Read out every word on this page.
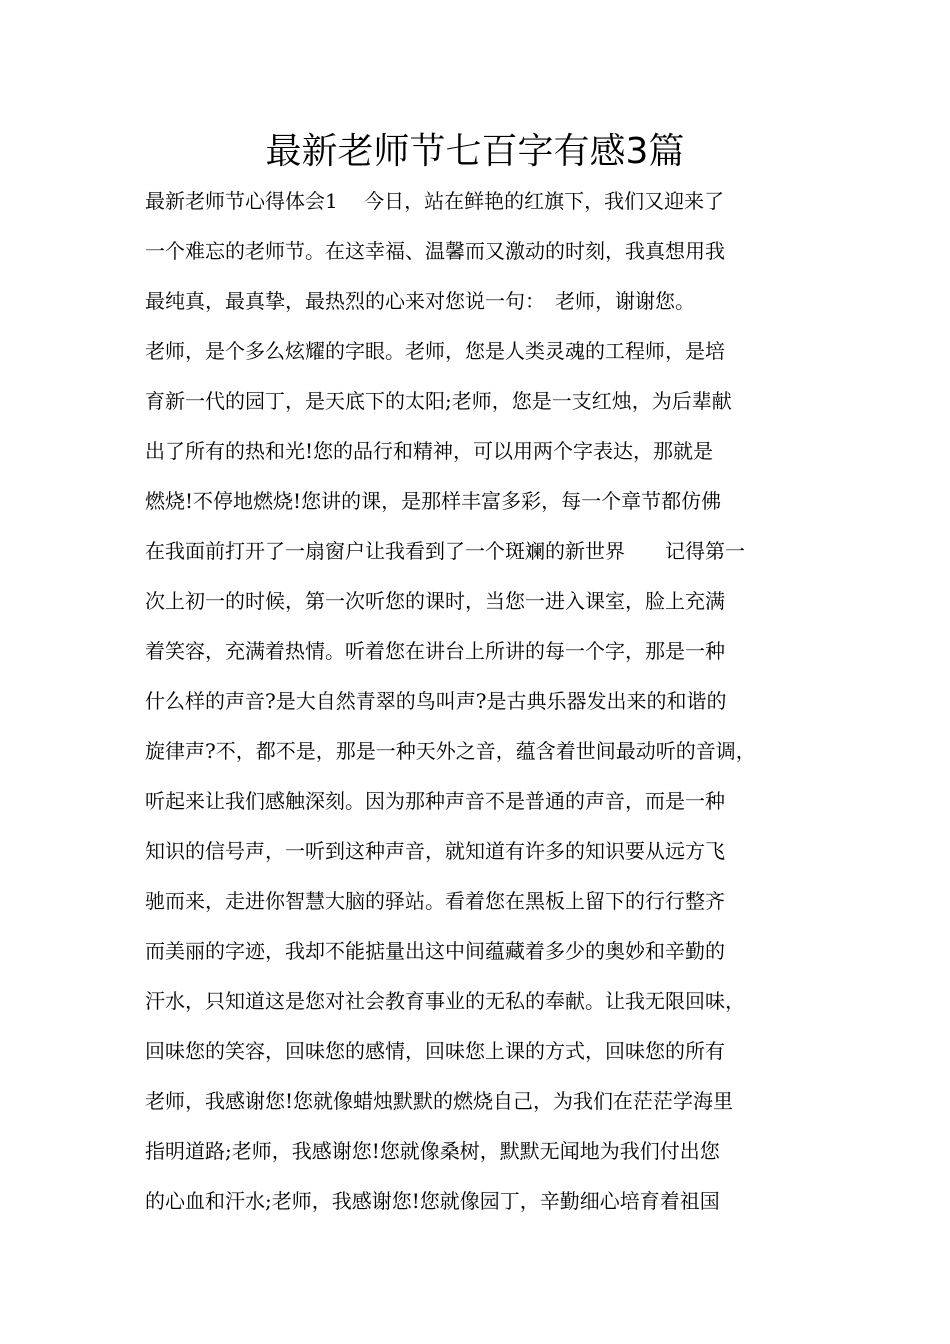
最新老师节七百字有感3篇
最新老师节心得体会1　 今日，站在鲜艳的红旗下，我们又迎来了
一个难忘的老师节。在这幸福、温馨而又激动的时刻，我真想用我
最纯真，最真挚，最热烈的心来对您说一句：　老师，谢谢您。
老师，是个多么炫耀的字眼。老师，您是人类灵魂的工程师，是培
育新一代的园丁，是天底下的太阳;老师，您是一支红烛，为后辈献
出了所有的热和光!您的品行和精神，可以用两个字表达，那就是
燃烧!不停地燃烧!您讲的课，是那样丰富多彩，每一个章节都仿佛
在我面前打开了一扇窗户让我看到了一个斑斓的新世界　　记得第一
次上初一的时候，第一次听您的课时，当您一进入课室，脸上充满
着笑容，充满着热情。听着您在讲台上所讲的每一个字，那是一种
什么样的声音?是大自然青翠的鸟叫声?是古典乐器发出来的和谐的
旋律声?不，都不是，那是一种天外之音，蕴含着世间最动听的音调，
听起来让我们感触深刻。因为那种声音不是普通的声音，而是一种
知识的信号声，一听到这种声音，就知道有许多的知识要从远方飞
驰而来，走进你智慧大脑的驿站。看着您在黑板上留下的行行整齐
而美丽的字迹，我却不能掂量出这中间蕴藏着多少的奥妙和辛勤的
汗水，只知道这是您对社会教育事业的无私的奉献。让我无限回味，
回味您的笑容，回味您的感情，回味您上课的方式，回味您的所有
老师，我感谢您!您就像蜡烛默默的燃烧自己，为我们在茫茫学海里
指明道路;老师，我感谢您!您就像桑树，默默无闻地为我们付出您
的心血和汗水;老师，我感谢您!您就像园丁，辛勤细心培育着祖国
